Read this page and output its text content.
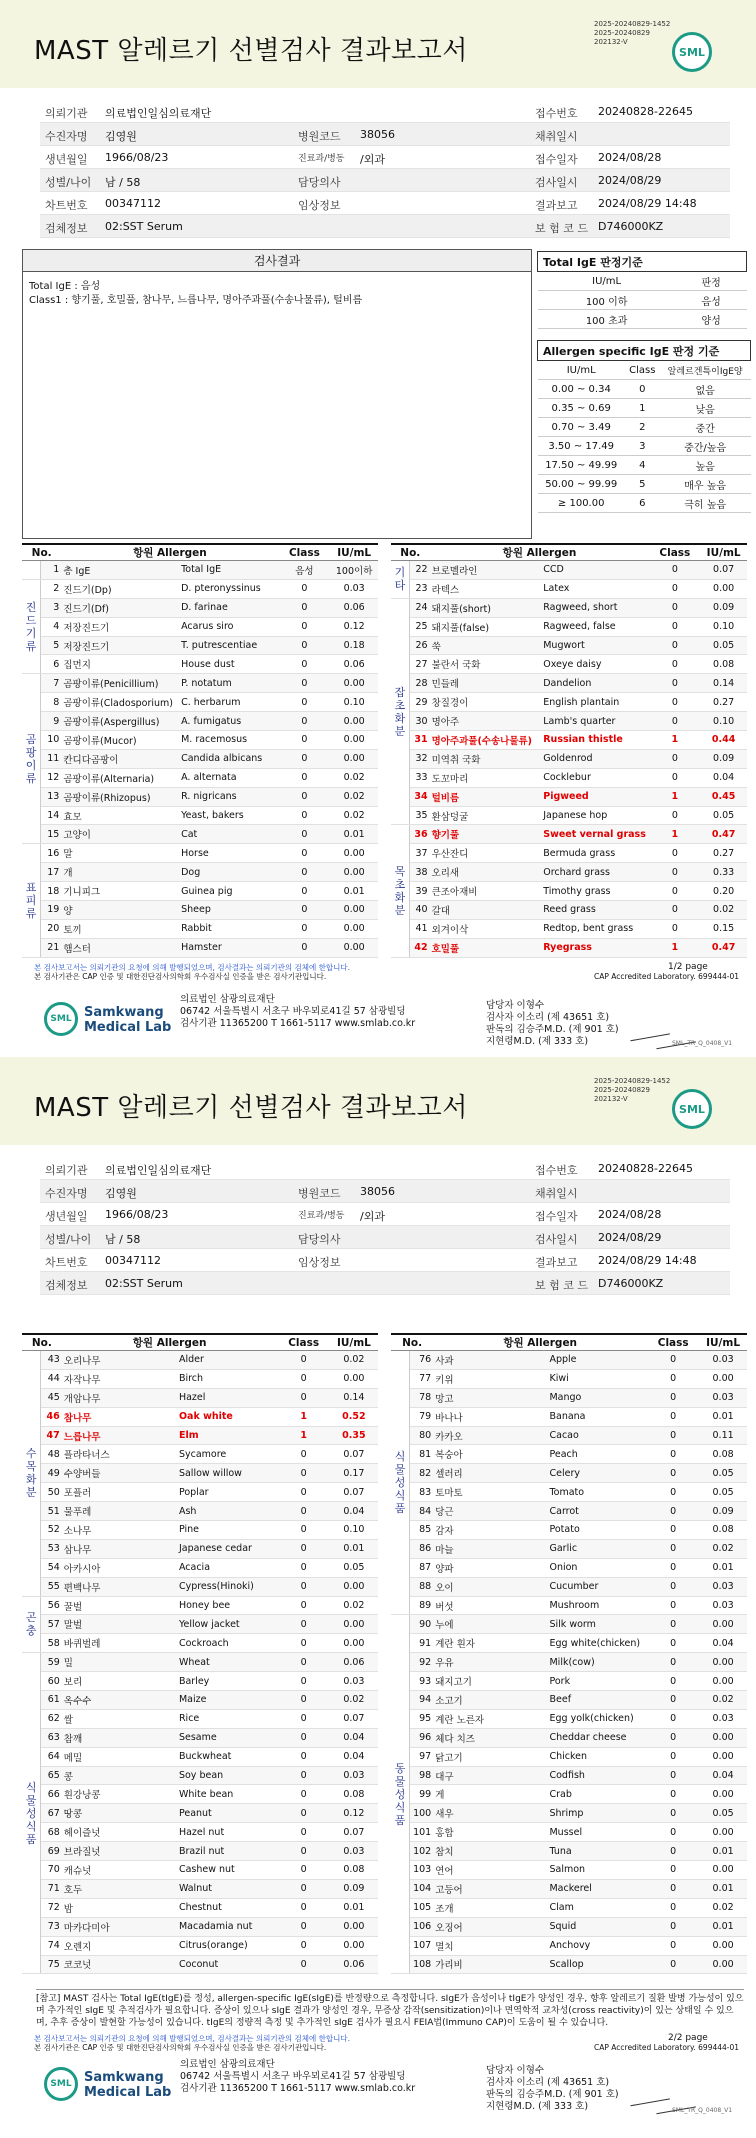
MAST 알레르기 선별검사 결과보고서
2025-20240829-1452
2025-20240829
202132-V
SML
의뢰기관 의료법인일심의료재단	접수번호 20240828-22645
수진자명 김영원	병원코드 38056	채취일시
생년월일 1966/08/23	진료과/병동 /외과	접수일자 2024/08/28
성별/나이 남 / 58	담당의사	검사일시 2024/08/29
차트번호 00347112	임상정보	결과보고 2024/08/29 14:48
검체정보 02:SST Serum	보 험 코 드 D746000KZ
검사결과
Total IgE : 음성
Class1 : 향기풀, 호밀풀, 참나무, 느릅나무, 명아주과풀(수송나물류), 털비름
Total IgE 판정기준	
IU/mL	판정
100 이하	음성
100 초과	양성
Allergen specific IgE 판정 기준		
IU/mL	Class	알레르겐특이IgE양
0.00 ~ 0.34	0	없음
0.35 ~ 0.69	1	낮음
0.70 ~ 3.49	2	중간
3.50 ~ 17.49	3	중간/높음
17.50 ~ 49.99	4	높음
50.00 ~ 99.99	5	매우 높음
≥ 100.00	6	극히 높음
No.		항원 Allergen		Class	IU/mL
	1	총 IgE	Total IgE	음성	100이하
진드기류	2	진드기(Dp)	D. pteronyssinus	0	0.03
	3	진드기(Df)	D. farinae	0	0.06
	4	저장진드기	Acarus siro	0	0.12
	5	저장진드기	T. putrescentiae	0	0.18
	6	집먼지	House dust	0	0.06
곰팡이류	7	곰팡이류(Penicillium)	P. notatum	0	0.00
	8	곰팡이류(Cladosporium)	C. herbarum	0	0.10
	9	곰팡이류(Aspergillus)	A. fumigatus	0	0.00
	10	곰팡이류(Mucor)	M. racemosus	0	0.00
	11	칸디다곰팡이	Candida albicans	0	0.00
	12	곰팡이류(Alternaria)	A. alternata	0	0.02
	13	곰팡이류(Rhizopus)	R. nigricans	0	0.02
	14	효모	Yeast, bakers	0	0.02
	15	고양이	Cat	0	0.01
표피류	16	말	Horse	0	0.00
	17	개	Dog	0	0.00
	18	기니피그	Guinea pig	0	0.01
	19	양	Sheep	0	0.00
	20	토끼	Rabbit	0	0.00
	21	햄스터	Hamster	0	0.00
No.		항원 Allergen		Class	IU/mL
기타	22	브로멜라인	CCD	0	0.07
	23	라텍스	Latex	0	0.00
잡초화분	24	돼지풀(short)	Ragweed, short	0	0.09
	25	돼지풀(false)	Ragweed, false	0	0.10
	26	쑥	Mugwort	0	0.05
	27	불란서 국화	Oxeye daisy	0	0.08
	28	민들레	Dandelion	0	0.14
	29	창질경이	English plantain	0	0.27
	30	명아주	Lamb's quarter	0	0.10
	31	명아주과풀(수송나물류)	Russian thistle	1	0.44
	32	미역취 국화	Goldenrod	0	0.09
	33	도꼬마리	Cocklebur	0	0.04
	34	털비름	Pigweed	1	0.45
	35	환삼덩굴	Japanese hop	0	0.05
목초화분	36	향기풀	Sweet vernal grass	1	0.47
	37	우산잔디	Bermuda grass	0	0.27
	38	오리새	Orchard grass	0	0.33
	39	큰조아재비	Timothy grass	0	0.20
	40	갈대	Reed grass	0	0.02
	41	외겨이삭	Redtop, bent grass	0	0.15
	42	호밀풀	Ryegrass	1	0.47
본 검사보고서는 의뢰기관의 요청에 의해 발행되었으며, 검사결과는 의뢰기관의 검체에 한합니다.
본 검사기관은 CAP 인증 및 대한진단검사의학회 우수검사실 인증을 받은 검사기관입니다.
1/2 page
CAP Accredited Laboratory. 699444-01
SML Samkwang
Medical Lab
의료법인 삼광의료재단
06742 서울특별시 서초구 바우뫼로41길 57 삼광빌딩
검사기관 11365200 T 1661-5117 www.smlab.co.kr
담당자 이형수
검사자 이소리 (제 43651 호)
판독의 김승주M.D. (제 901 호)
지현령M.D. (제 333 호)	SML_TR_Q_0408_V1
MAST 알레르기 선별검사 결과보고서
2025-20240829-1452
2025-20240829
202132-V
SML
의뢰기관 의료법인일심의료재단	접수번호 20240828-22645
수진자명 김영원	병원코드 38056	채취일시
생년월일 1966/08/23	진료과/병동 /외과	접수일자 2024/08/28
성별/나이 남 / 58	담당의사	검사일시 2024/08/29
차트번호 00347112	임상정보	결과보고 2024/08/29 14:48
검체정보 02:SST Serum	보 험 코 드 D746000KZ
No.		항원 Allergen		Class	IU/mL
수목화분	43	오리나무	Alder	0	0.02
	44	자작나무	Birch	0	0.00
	45	개암나무	Hazel	0	0.14
	46	참나무	Oak white	1	0.52
	47	느릅나무	Elm	1	0.35
	48	플라타너스	Sycamore	0	0.07
	49	수양버들	Sallow willow	0	0.17
	50	포플러	Poplar	0	0.07
	51	물푸레	Ash	0	0.04
	52	소나무	Pine	0	0.10
	53	삼나무	Japanese cedar	0	0.01
	54	아카시아	Acacia	0	0.05
	55	편백나무	Cypress(Hinoki)	0	0.00
곤충	56	꿀벌	Honey bee	0	0.02
	57	말벌	Yellow jacket	0	0.00
	58	바퀴벌레	Cockroach	0	0.00
식물성식품	59	밀	Wheat	0	0.06
	60	보리	Barley	0	0.03
	61	옥수수	Maize	0	0.02
	62	쌀	Rice	0	0.07
	63	참깨	Sesame	0	0.04
	64	메밀	Buckwheat	0	0.04
	65	콩	Soy bean	0	0.03
	66	흰강낭콩	White bean	0	0.08
	67	땅콩	Peanut	0	0.12
	68	헤이즐넛	Hazel nut	0	0.07
	69	브라질넛	Brazil nut	0	0.03
	70	캐슈넛	Cashew nut	0	0.08
	71	호두	Walnut	0	0.09
	72	밤	Chestnut	0	0.01
	73	마카다미아	Macadamia nut	0	0.00
	74	오렌지	Citrus(orange)	0	0.00
	75	코코넛	Coconut	0	0.06
No.		항원 Allergen		Class	IU/mL
식물성식품	76	사과	Apple	0	0.03
	77	키위	Kiwi	0	0.00
	78	망고	Mango	0	0.03
	79	바나나	Banana	0	0.01
	80	카카오	Cacao	0	0.11
	81	복숭아	Peach	0	0.08
	82	셀러리	Celery	0	0.05
	83	토마토	Tomato	0	0.05
	84	당근	Carrot	0	0.09
	85	감자	Potato	0	0.08
	86	마늘	Garlic	0	0.02
	87	양파	Onion	0	0.01
	88	오이	Cucumber	0	0.03
	89	버섯	Mushroom	0	0.03
동물성식품	90	누에	Silk worm	0	0.00
	91	계란 흰자	Egg white(chicken)	0	0.04
	92	우유	Milk(cow)	0	0.00
	93	돼지고기	Pork	0	0.00
	94	소고기	Beef	0	0.02
	95	계란 노른자	Egg yolk(chicken)	0	0.03
	96	체다 치즈	Cheddar cheese	0	0.00
	97	닭고기	Chicken	0	0.00
	98	대구	Codfish	0	0.04
	99	게	Crab	0	0.00
	100	새우	Shrimp	0	0.05
	101	홍합	Mussel	0	0.00
	102	참치	Tuna	0	0.01
	103	연어	Salmon	0	0.00
	104	고등어	Mackerel	0	0.01
	105	조개	Clam	0	0.02
	106	오징어	Squid	0	0.01
	107	멸치	Anchovy	0	0.00
	108	가리비	Scallop	0	0.00
[참고] MAST 검사는 Total IgE(tIgE)를 정성, allergen-specific IgE(sIgE)를 반정량으로 측정합니다. sIgE가 음성이나 tIgE가 양성인 경우, 향후 알레르기 질환 발병 가능성이 있으며 추가적인 sIgE 및 추적검사가 필요합니다. 증상이 있으나 sIgE 결과가 양성인 경우, 무증상 감작(sensitization)이나 면역학적 교차성(cross reactivity)이 있는 상태일 수 있으며, 추후 증상이 발현할 가능성이 있습니다. tIgE의 정량적 측정 및 추가적인 sIgE 검사가 필요시 FEIA법(Immuno CAP)이 도움이 될 수 있습니다.
본 검사보고서는 의뢰기관의 요청에 의해 발행되었으며, 검사결과는 의뢰기관의 검체에 한합니다.
본 검사기관은 CAP 인증 및 대한진단검사의학회 우수검사실 인증을 받은 검사기관입니다.
2/2 page
CAP Accredited Laboratory. 699444-01
SML Samkwang
Medical Lab
의료법인 삼광의료재단
06742 서울특별시 서초구 바우뫼로41길 57 삼광빌딩
검사기관 11365200 T 1661-5117 www.smlab.co.kr
담당자 이형수
검사자 이소리 (제 43651 호)
판독의 김승주M.D. (제 901 호)
지현령M.D. (제 333 호)	SML_TR_Q_0408_V1
